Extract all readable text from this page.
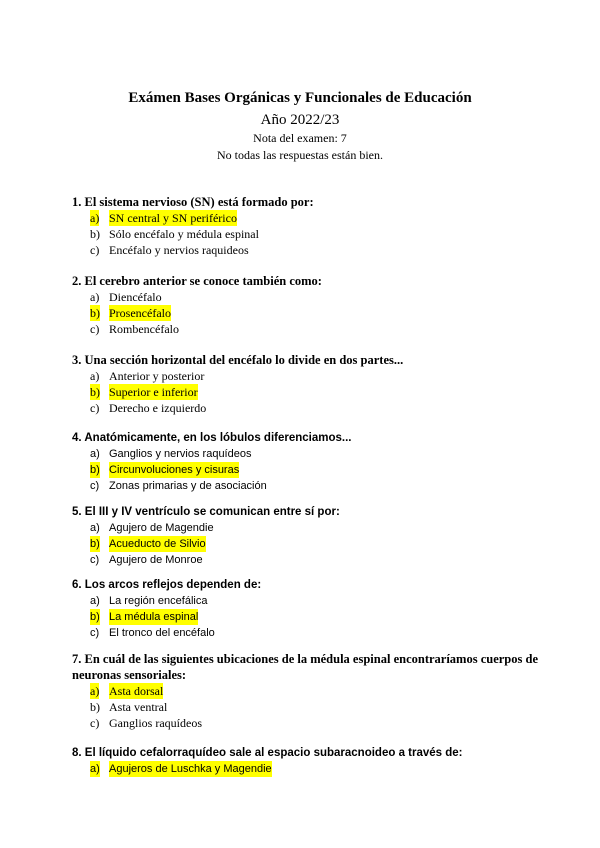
Exámen Bases Orgánicas y Funcionales de Educación
Año 2022/23
Nota del examen: 7
No todas las respuestas están bien.
1. El sistema nervioso (SN) está formado por:
a) SN central y SN periférico
b) Sólo encéfalo y médula espinal
c) Encéfalo y nervios raquideos
2. El cerebro anterior se conoce también como:
a) Diencéfalo
b) Prosencéfalo
c) Rombencéfalo
3. Una sección horizontal del encéfalo lo divide en dos partes...
a) Anterior y posterior
b) Superior e inferior
c) Derecho e izquierdo
4. Anatómicamente, en los lóbulos diferenciamos...
a) Ganglios y nervios raquídeos
b) Circunvoluciones y cisuras
c) Zonas primarias y de asociación
5. El III y IV ventrículo se comunican entre sí por:
a) Agujero de Magendie
b) Acueducto de Silvio
c) Agujero de Monroe
6. Los arcos reflejos dependen de:
a) La región encefálica
b) La médula espinal
c) El tronco del encéfalo
7. En cuál de las siguientes ubicaciones de la médula espinal encontraríamos cuerpos de
neuronas sensoriales:
a) Asta dorsal
b) Asta ventral
c) Ganglios raquídeos
8. El líquido cefalorraquídeo sale al espacio subaracnoideo a través de:
a) Agujeros de Luschka y Magendie
